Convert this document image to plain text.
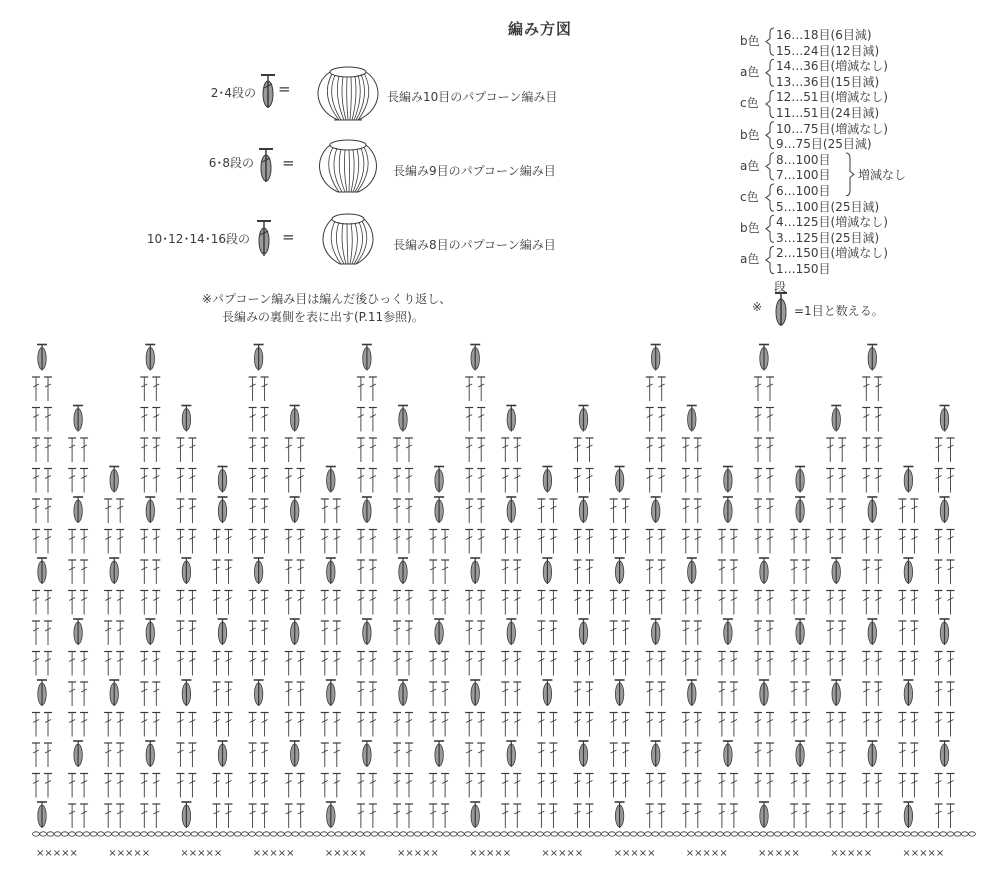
編み方図
2･4段の =	長編み10目のパプコーン編み目
6･8段の =	長編み9目のパプコーン編み目
10･12･14･16段の =	長編み8目のパプコーン編み目
※パプコーン編み目は編んだ後ひっくり返し、
長編みの裏側を表に出す(P.11参照)。
b色 16…18目(6目減)
15…24目(12目減)
a色 14…36目(増減なし)
13…36目(15目減)
c色 12…51目(増減なし)
11…51目(24目減)
b色 10…75目(増減なし)
9…75目(25目減)
a色 8…100目
7…100目
c色 6…100目
5…100目(25目減)
b色 4…125目(増減なし)
3…125目(25目減)
a色 2…150目(増減なし)
1…150目
増減なし
段
※	=1目と数える。
×××××	×××××	×××××	×××××	×××××	×××××	×××××	×××××	×××××	×××××	×××××	×××××	×××××
